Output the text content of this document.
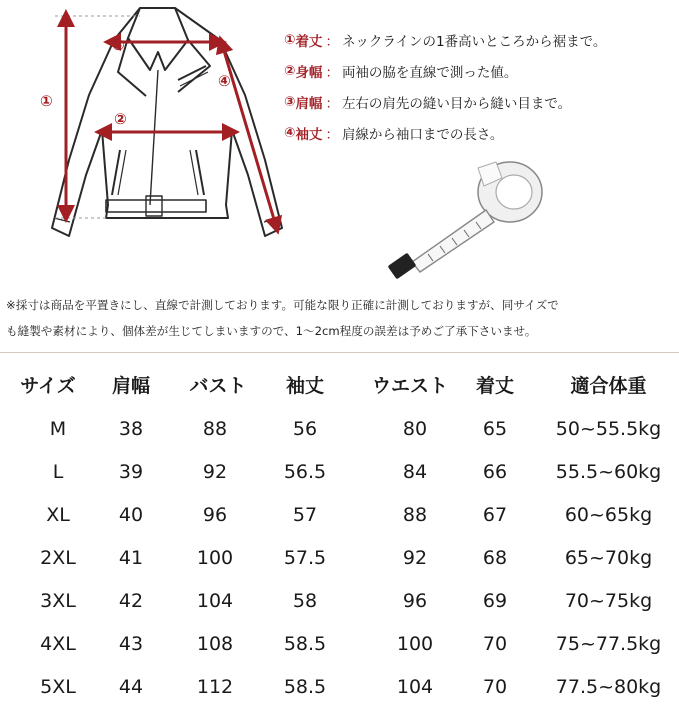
①
②
③
④
① 着丈 ： ネックラインの1番高いところから裾まで。
② 身幅 ： 両袖の脇を直線で測った値。
③ 肩幅 ： 左右の肩先の縫い目から縫い目まで。
④ 袖丈 ： 肩線から袖口までの長さ。
※採寸は商品を平置きにし、直線で計測しております。可能な限り正確に計測しておりますが、同サイズで
も縫製や素材により、個体差が生じてしまいますので、1〜2cm程度の誤差は予めご了承下さいませ。
サイズ	肩幅	バスト	袖丈	ウエスト	着丈	適合体重
M	38	88	56	80	65	50~55.5kg
L	39	92	56.5	84	66	55.5~60kg
XL	40	96	57	88	67	60~65kg
2XL	41	100	57.5	92	68	65~70kg
3XL	42	104	58	96	69	70~75kg
4XL	43	108	58.5	100	70	75~77.5kg
5XL	44	112	58.5	104	70	77.5~80kg
